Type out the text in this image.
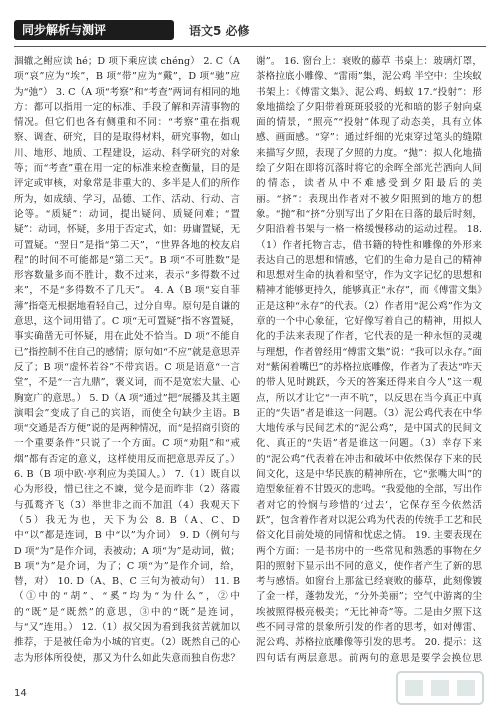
同步解析与测评	语文5 必修

涸辙之鲋应读 hé；D 项下乘应读 chéng） 2. C（A 项“哀”应为“埃”，B 项“带”应为“戴”，D 项“驰”应为“弛”） 3. C（A 项“考察”和“考查”两词有相同的地方：都可以指用一定的标准、手段了解和弄清事物的情况。但它们也各有侧重和不同：“考察”重在指观察、调查、研究，目的是取得材料，研究事物，如山川、地形、地质、工程建设，运动、科学研究的对象等；而“考查”重在用一定的标准来检查衡量，目的是评定或审核，对象常是非重大的、多半是人们的所作所为，如成绩、学习，品德、工作、活动、行动、言论等。“质疑”：动词，提出疑问、质疑问难；“置疑”：动词，怀疑，多用于否定式，如：毋庸置疑，无可置疑。“翌日”是指“第二天”，“世界各地的校友启程”的时间不可能都是“第二天”。B 项“不可胜数”是形容数量多而不胜计，数不过来，表示“多得数不过来”，不是“多得数不了几天”。 4. A（B 项“妄自菲薄”指毫无根据地看轻自己，过分自卑。原句是自谦的意思，这个词用错了。C 项“无可置疑”指不容置疑，事实确凿无可怀疑，用在此处不恰当。D 项“不能自已”指控制不住自己的感情；原句如“不应”就是意思弄反了；B 项“虚怀若谷”不带宾语。C 项是语意“一言堂”，不是“一言九鼎”，褒义词，而不是宽宏大量、心胸宽广的意思。） 5. D（A 项“通过”把“展播及其主题演唱会”变成了自己的宾语，而使全句缺少主语。B 项“交通是否方便”说的是两种情况，而“是招商引资的一个重要条件”只说了一个方面。C 项“劝阻”和“戒烟”都有否定的意义，这样使用反而把意思弄反了。） 6. B（B 项中欧·亭利应为美国人。） 7.（1）既自以心为形役，惜已往之不谏，觉今是而昨非（2）落霞与孤鹜齐飞（3）举世非之而不加沮（4）我观天下（5）我无为也，天下为公 8. B（A、C、D 中“以”都是连词，B 中“以”为介词） 9. D（例句与 D 项“为”是作介词，表被动；A 项“为”是动词，做；B 项“为”是介词，为了；C 项“为”是作介词，给，替，对） 10. D（A、B、C 三句为被动句） 11. B（①中的“胡”、“奚”均为“为什么”，②中的“既”是“既然”的意思，③中的“既”是连词，与“又”连用。） 12.（1）叔父因为看到我贫苦就加以推荐，于是被任命为小城的官吏。（2）既然自己的心志为形体所役使，那又为什么如此失意而独自伤悲？

谢”。 16. 窗台上：衰败的藤草 书桌上：玻璃灯罩，茶格拉底小雕像、“雷雨”集，泥公鸡 半空中：尘埃蚁 书架上：《傅雷文集》、泥公鸡、蚂蚁 17.“投射”：形象地描绘了夕阳带着斑斑驳驳的光和暗的影子射向桌面的情景，“照亮”“投射”体现了动态美，具有立体感、画面感。“穿”：通过纤细的光束穿过笔头的缝隙来描写夕照，表现了夕照的力度。“抛”：拟人化地描绘了夕阳在即将沉落时将它的余晖全部光芒洒向人间的情态，读者从中不难感受到夕阳最后的美丽。“挤”：表现出作者对不被夕阳照到的地方的想象。“抛”和“挤”分别写出了夕阳在日落的最后时刻，夕阳沿着书架与一格一格缓慢移动的运动过程。 18.（1）作者托物言志，借书籍的特性和雕像的外形来表达自己的思想和情感，它们的生命力是自己的精神和思想对生命的执着和坚守，作为文字记忆的思想和精神才能够更持久，能够真正“永存”，而《傅雷文集》正是这种“永存”的代表。（2）作者用“泥公鸡”作为文章的一个中心象征，它好像写着自己的精神，用拟人化的手法来表现了作者，它代表的是一种永恒的灵魂与理想，作者曾经用“傅雷文集”说：“我可以永存。”面对“紫闲着嘴巴”的苏格拉底雕像，作者为了表达“咋天的带人见时跳跃，今天的答案还得来自今人”这一观点，所以才让它“一声不吭”，以反思在当今真正中真正的“失语”者是谁这一问题。（3）泥公鸡代表在中华大地传承与民间艺术的“泥公鸡”，是中国式的民间文化、真正的“失语”者是谁这一问题。（3）幸存下来的“泥公鸡”代表着在冲击和破坏中依然保存下来的民间文化，这是中华民族的精神所在，它“张嘴大叫”的造型象征着不甘毁灭的悲鸣。“我爱他的全部，写出作者对它的怜悯与珍惜的‘过去’，它保存至今依然活跃”，包含着作者对以泥公鸡为代表的传统手工艺和民俗文化目前处境的同情和忧虑之情。 19. 主要表现在两个方面：一是书房中的一些常见和熟悉的事物在夕阳的照射下显示出不同的意义，使作者产生了新的思考与感悟。如窗台上那盆已经衰败的藤草，此刻像镀了金一样，蓬勃发光，“分外美丽”；空气中游离的尘埃被照得极亮极美；“无比神奇”等。二是由夕照下这些不同寻常的景象所引发的作者的思考，如对傅雷、泥公鸡、苏格拉底雕像等引发的思考。 20. 提示：这四句话有两层意思。前两句的意思是要学会换位思

14
